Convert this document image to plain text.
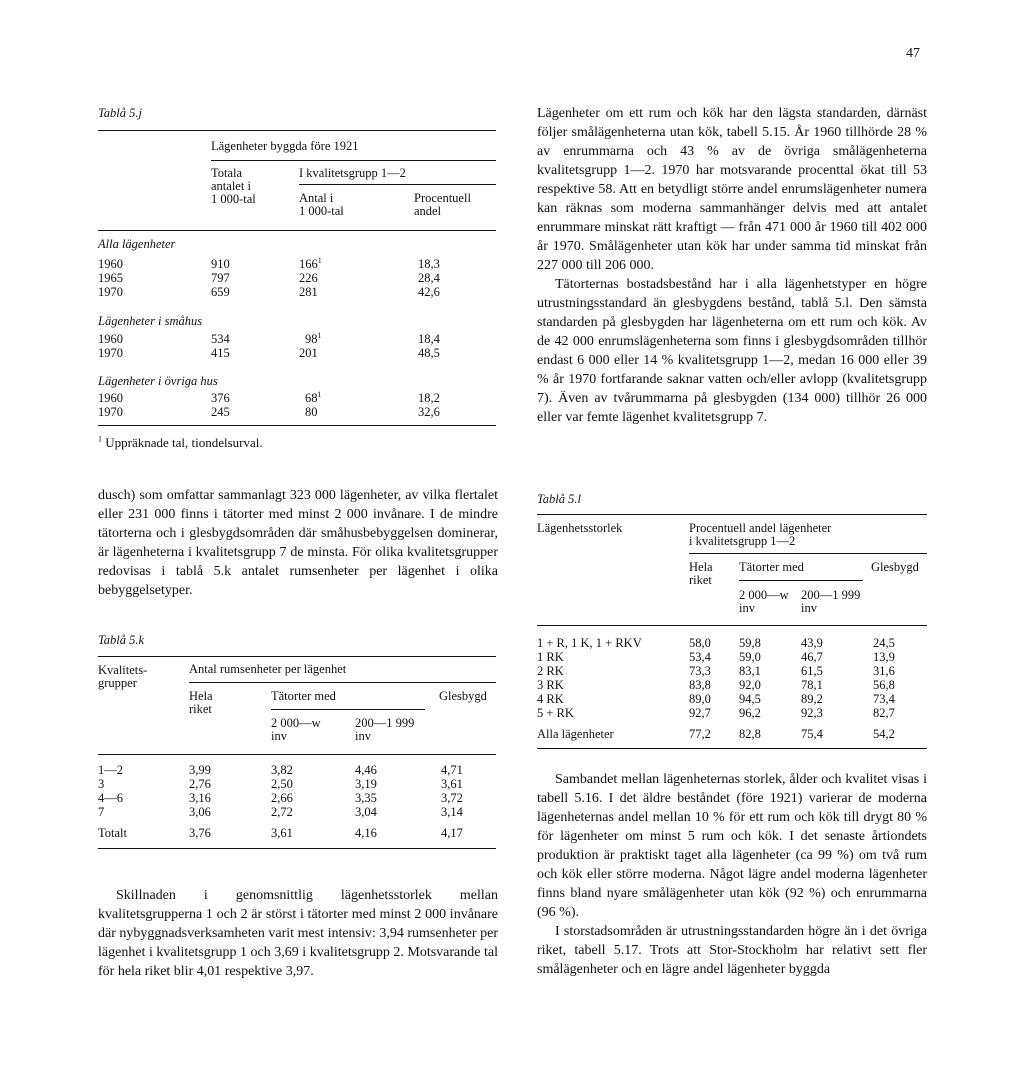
47
Tablå 5.j
Lägenheter byggda före 1921
Totala
antalet i
1 000-tal
I kvalitetsgrupp 1—2
Antal i
1 000-tal
Procentuell
andel
Alla lägenheter
1960	910	$166^1$	18,3
1965	797	226	28,4
1970	659	281	42,6
Lägenheter i småhus
1960	534	$98^1$	18,4
1970	415	201	48,5
Lägenheter i övriga hus
1960	376	$68^1$	18,2
1970	245	80	32,6
$^1$ Uppräknade tal, tiondelsurval.

Lägenheter om ett rum och kök har den lägsta standarden, därnäst följer smålägenheterna utan kök, tabell 5.15. År 1960 tillhörde 28 % av enrummarna och 43 % av de övriga smålägenheterna kvalitetsgrupp 1—2. 1970 har motsvarande procenttal ökat till 53 respektive 58. Att en betydligt större andel enrumslägenheter numera kan räknas som moderna sammanhänger delvis med att antalet enrummare minskat rätt kraftigt — från 471 000 år 1960 till 402 000 år 1970. Smålägenheter utan kök har under samma tid minskat från 227 000 till 206 000.

Tätorternas bostadsbestånd har i alla lägenhetstyper en högre utrustningsstandard än glesbygdens bestånd, tablå 5.l. Den sämsta standarden på glesbygden har lägenheterna om ett rum och kök. Av de 42 000 enrumslägenheterna som finns i glesbygdsområden tillhör endast 6 000 eller 14 % kvalitetsgrupp 1—2, medan 16 000 eller 39 % år 1970 fortfarande saknar vatten och/eller avlopp (kvalitetsgrupp 7). Även av tvårummarna på glesbygden (134 000) tillhör 26 000 eller var femte lägenhet kvalitetsgrupp 7.

dusch) som omfattar sammanlagt 323 000 lägenheter, av vilka flertalet eller 231 000 finns i tätorter med minst 2 000 invånare. I de mindre tätorterna och i glesbygdsområden där småhusbebyggelsen dominerar, är lägenheterna i kvalitetsgrupp 7 de minsta. För olika kvalitetsgrupper redovisas i tablå 5.k antalet rumsenheter per lägenhet i olika bebyggelsetyper.

Tablå 5.k
Kvalitets-
grupper
Antal rumsenheter per lägenhet
Hela
riket
Tätorter med	Glesbygd
2 000—w
inv
200—1 999
inv
1—2	3,99	3,82	4,46	4,71
3	2,76	2,50	3,19	3,61
4—6	3,16	2,66	3,35	3,72
7	3,06	2,72	3,04	3,14
Totalt	3,76	3,61	4,16	4,17

Skillnaden i genomsnittlig lägenhetsstorlek mellan kvalitetsgrupperna 1 och 2 är störst i tätorter med minst 2 000 invånare där nybyggnadsverksamheten varit mest intensiv: 3,94 rumsenheter per lägenhet i kvalitetsgrupp 1 och 3,69 i kvalitetsgrupp 2. Motsvarande tal för hela riket blir 4,01 respektive 3,97.

Tablå 5.l
Lägenhetsstorlek	Procentuell andel lägenheter
i kvalitetsgrupp 1—2
Hela
riket
Tätorter med	Glesbygd
2 000—w
inv
200—1 999
inv
1 + R, 1 K, 1 + RKV	58,0 59,8	43,9	24,5
1 RK	53,4 59,0	46,7	13,9
2 RK	73,3 83,1	61,5	31,6
3 RK	83,8 92,0	78,1	56,8
4 RK	89,0 94,5	89,2	73,4
5 + RK	92,7 96,2	92,3	82,7
Alla lägenheter	77,2 82,8	75,4	54,2

Sambandet mellan lägenheternas storlek, ålder och kvalitet visas i tabell 5.16. I det äldre beståndet (före 1921) varierar de moderna lägenheternas andel mellan 10 % för ett rum och kök till drygt 80 % för lägenheter om minst 5 rum och kök. I det senaste årtiondets produktion är praktiskt taget alla lägenheter (ca 99 %) om två rum och kök eller större moderna. Något lägre andel moderna lägenheter finns bland nyare smålägenheter utan kök (92 %) och enrummarna (96 %).

I storstadsområden är utrustningsstandarden högre än i det övriga riket, tabell 5.17. Trots att Stor-Stockholm har relativt sett fler smålägenheter och en lägre andel lägenheter byggda
